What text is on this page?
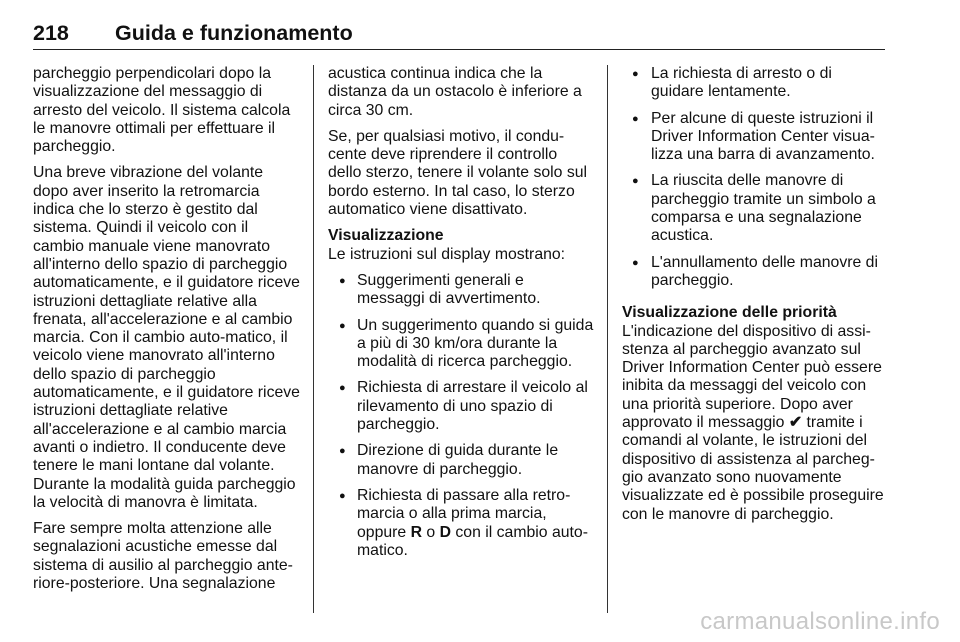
218 Guida e funzionamento

parcheggio perpendicolari dopo la visualizzazione del messaggio di arresto del veicolo. Il sistema calcola le manovre ottimali per effettuare il parcheggio.

Una breve vibrazione del volante dopo aver inserito la retromarcia indica che lo sterzo è gestito dal sistema. Quindi il veicolo con il cambio manuale viene manovrato all'interno dello spazio di parcheggio automaticamente, e il guidatore riceve istruzioni dettagliate relative alla frenata, all'accelerazione e al cambio marcia. Con il cambio auto-matico, il veicolo viene manovrato all'interno dello spazio di parcheggio automaticamente, e il guidatore riceve istruzioni dettagliate relative all'accelerazione e al cambio marcia avanti o indietro. Il conducente deve tenere le mani lontane dal volante. Durante la modalità guida parcheggio la velocità di manovra è limitata.

Fare sempre molta attenzione alle segnalazioni acustiche emesse dal sistema di ausilio al parcheggio ante-riore-posteriore. Una segnalazione

acustica continua indica che la distanza da un ostacolo è inferiore a circa 30 cm.

Se, per qualsiasi motivo, il condu-cente deve riprendere il controllo dello sterzo, tenere il volante solo sul bordo esterno. In tal caso, lo sterzo automatico viene disattivato.

Visualizzazione

Le istruzioni sul display mostrano:

● Suggerimenti generali e messaggi di avvertimento.
● Un suggerimento quando si guida a più di 30 km/ora durante la modalità di ricerca parcheggio.
● Richiesta di arrestare il veicolo al rilevamento di uno spazio di parcheggio.
● Direzione di guida durante le manovre di parcheggio.
● Richiesta di passare alla retro-marcia o alla prima marcia, oppure R o D con il cambio auto-matico.
● La richiesta di arresto o di guidare lentamente.
● Per alcune di queste istruzioni il Driver Information Center visua-lizza una barra di avanzamento.
● La riuscita delle manovre di parcheggio tramite un simbolo a comparsa e una segnalazione acustica.
● L'annullamento delle manovre di parcheggio.
Visualizzazione delle priorità

L'indicazione del dispositivo di assi-stenza al parcheggio avanzato sul Driver Information Center può essere inibita da messaggi del veicolo con una priorità superiore. Dopo aver approvato il messaggio ✔ tramite i comandi al volante, le istruzioni del dispositivo di assistenza al parcheg-gio avanzato sono nuovamente visualizzate ed è possibile proseguire con le manovre di parcheggio.

carmanualsonline.info
